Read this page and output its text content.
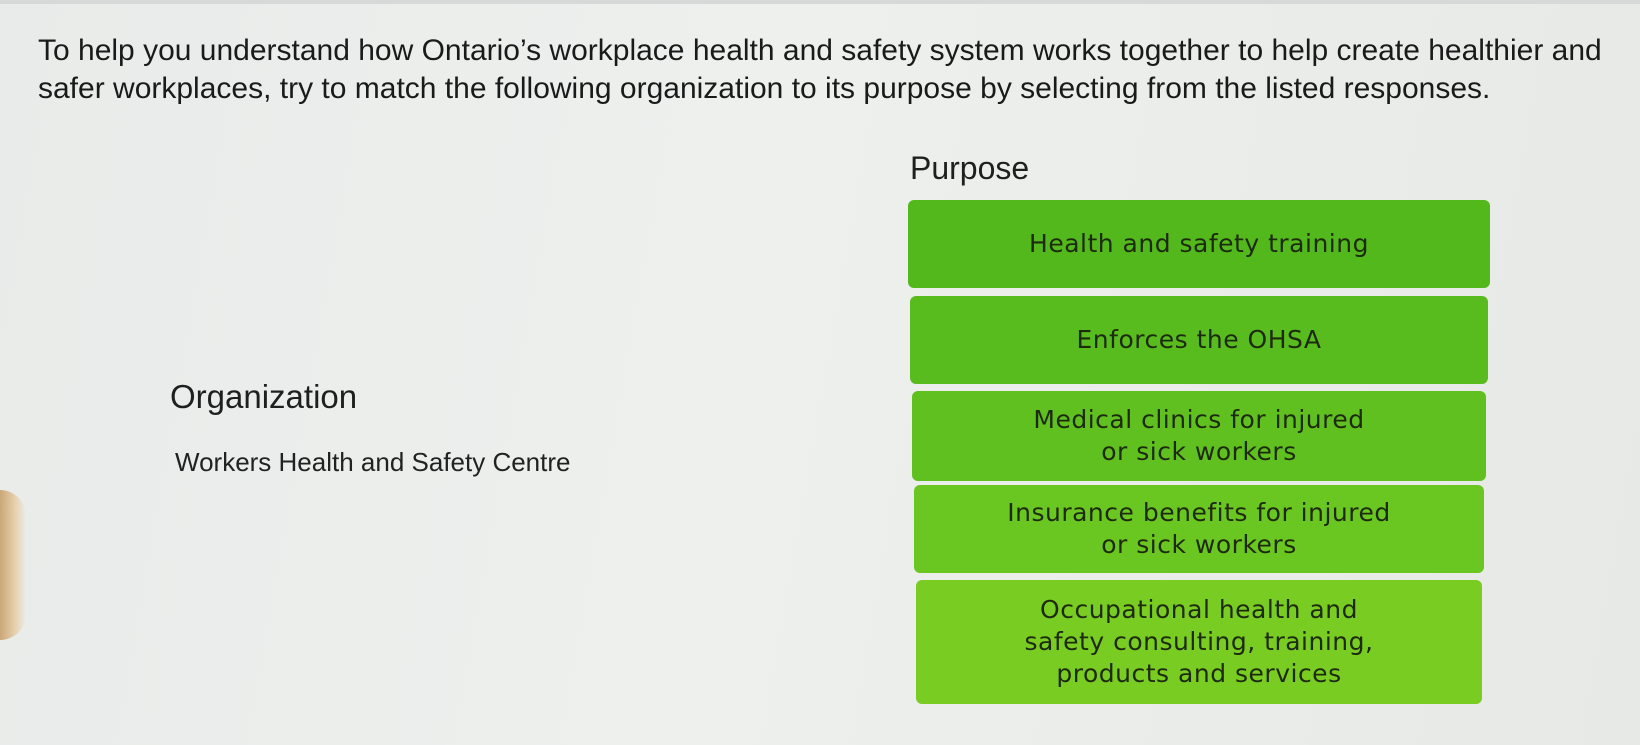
To help you understand how Ontario’s workplace health and safety system works together to help create healthier and safer workplaces, try to match the following organization to its purpose by selecting from the listed responses.

Purpose
Organization
Workers Health and Safety Centre
Health and safety training
Enforces the OHSA
Medical clinics for injured
or sick workers
Insurance benefits for injured
or sick workers
Occupational health and
safety consulting, training,
products and services
